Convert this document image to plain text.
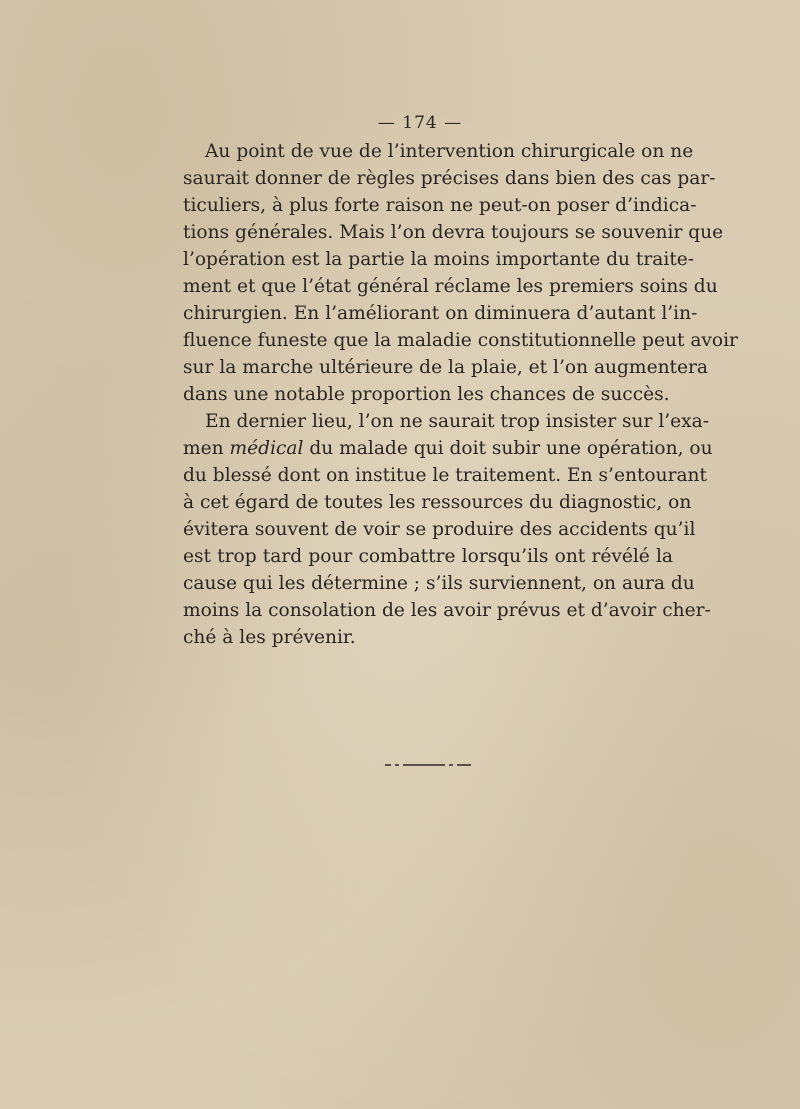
— 174 —
Au point de vue de l’intervention chirurgicale on ne
saurait donner de règles précises dans bien des cas par-
ticuliers, à plus forte raison ne peut-on poser d’indica-
tions générales. Mais l’on devra toujours se souvenir que
l’opération est la partie la moins importante du traite-
ment et que l’état général réclame les premiers soins du
chirurgien. En l’améliorant on diminuera d’autant l’in-
fluence funeste que la maladie constitutionnelle peut avoir
sur la marche ultérieure de la plaie, et l’on augmentera
dans une notable proportion les chances de succès.
En dernier lieu, l’on ne saurait trop insister sur l’exa-
men médical du malade qui doit subir une opération, ou
du blessé dont on institue le traitement. En s’entourant
à cet égard de toutes les ressources du diagnostic, on
évitera souvent de voir se produire des accidents qu’il
est trop tard pour combattre lorsqu’ils ont révélé la
cause qui les détermine ; s’ils surviennent, on aura du
moins la consolation de les avoir prévus et d’avoir cher-
ché à les prévenir.
